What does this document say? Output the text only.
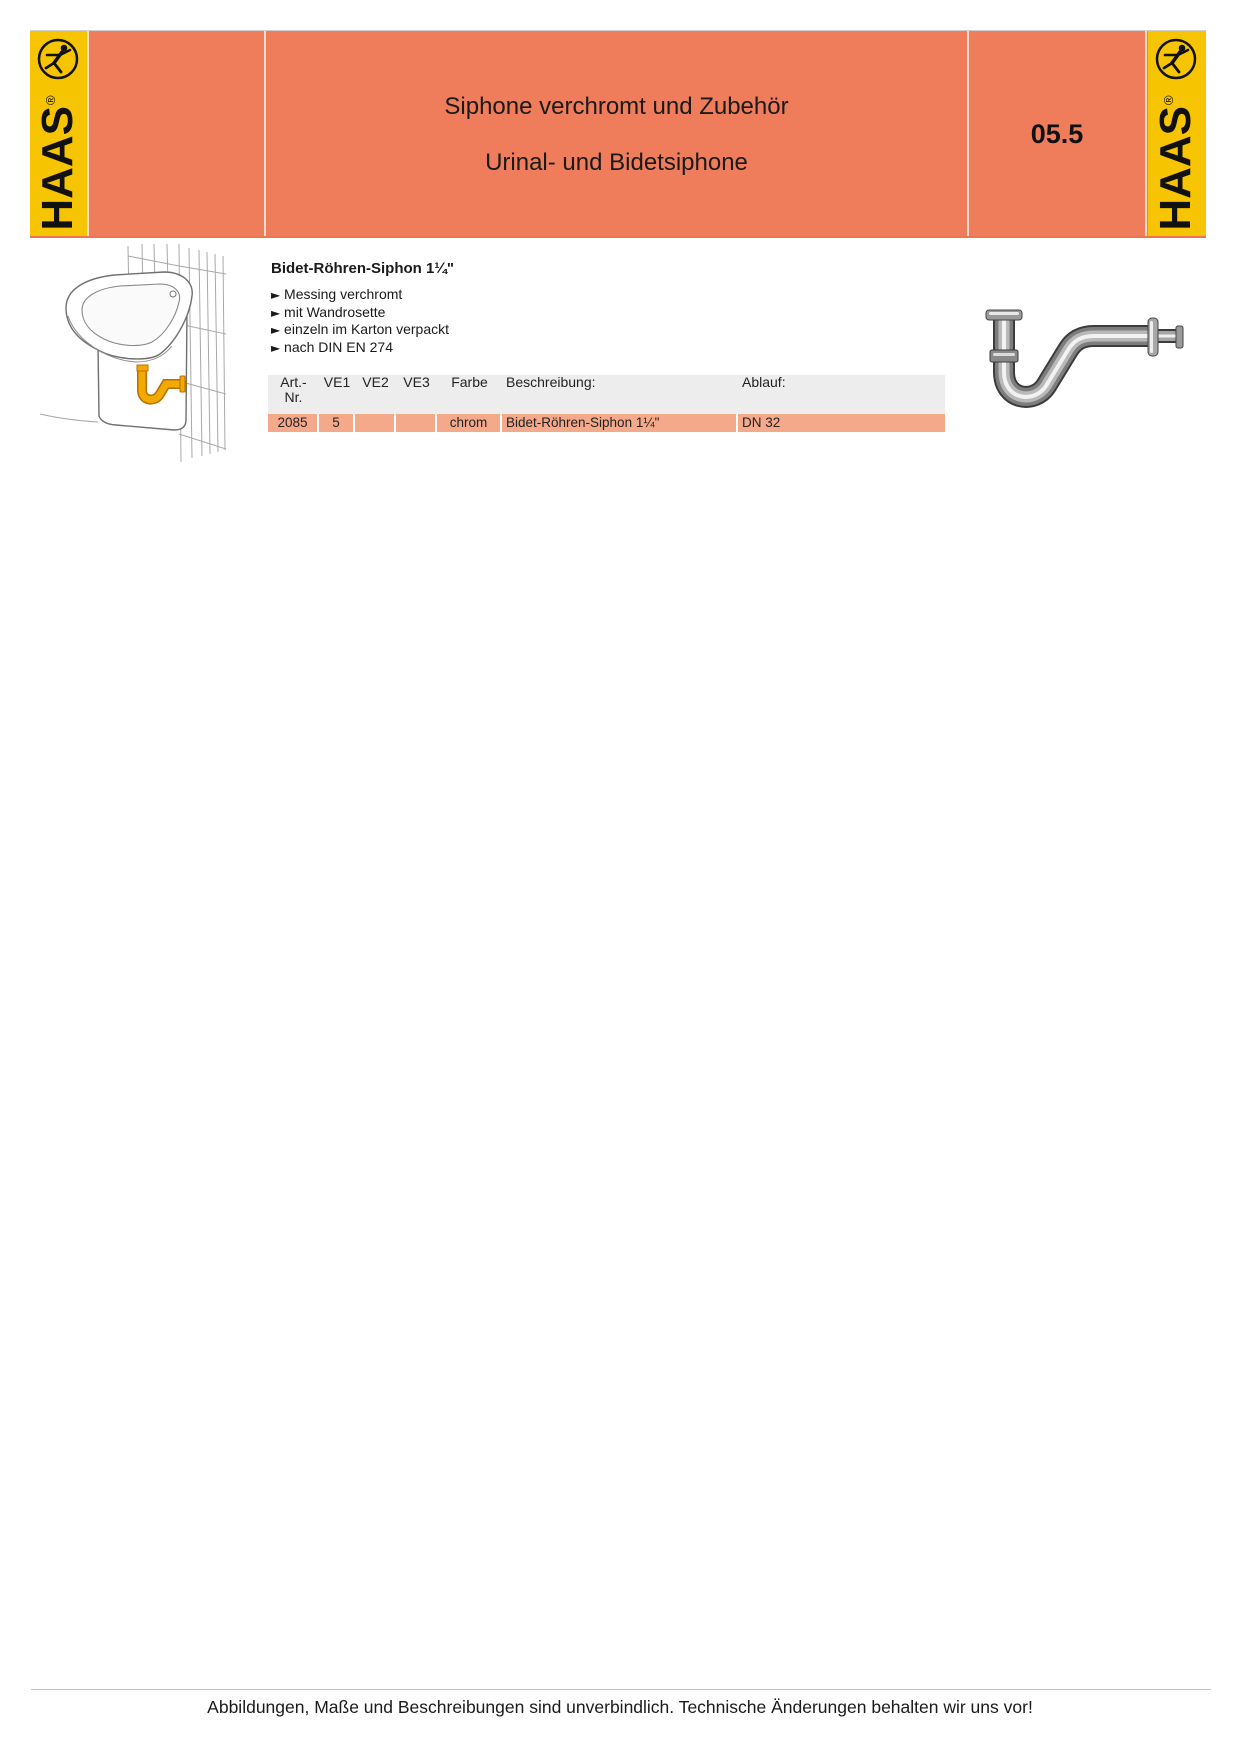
HAAS®	Siphone verchromt und Zubehör
Urinal- und Bidetsiphone
05.5	HAAS®
Bidet-Röhren-Siphon 1¼"
► Messing verchromt
► mit Wandrosette
► einzeln im Karton verpackt
► nach DIN EN 274
Art.-Nr.	VE1	VE2	VE3	Farbe	Beschreibung:	Ablauf:
2085	5			chrom	Bidet-Röhren-Siphon 1¼"	DN 32
Abbildungen, Maße und Beschreibungen sind unverbindlich. Technische Änderungen behalten wir uns vor!
